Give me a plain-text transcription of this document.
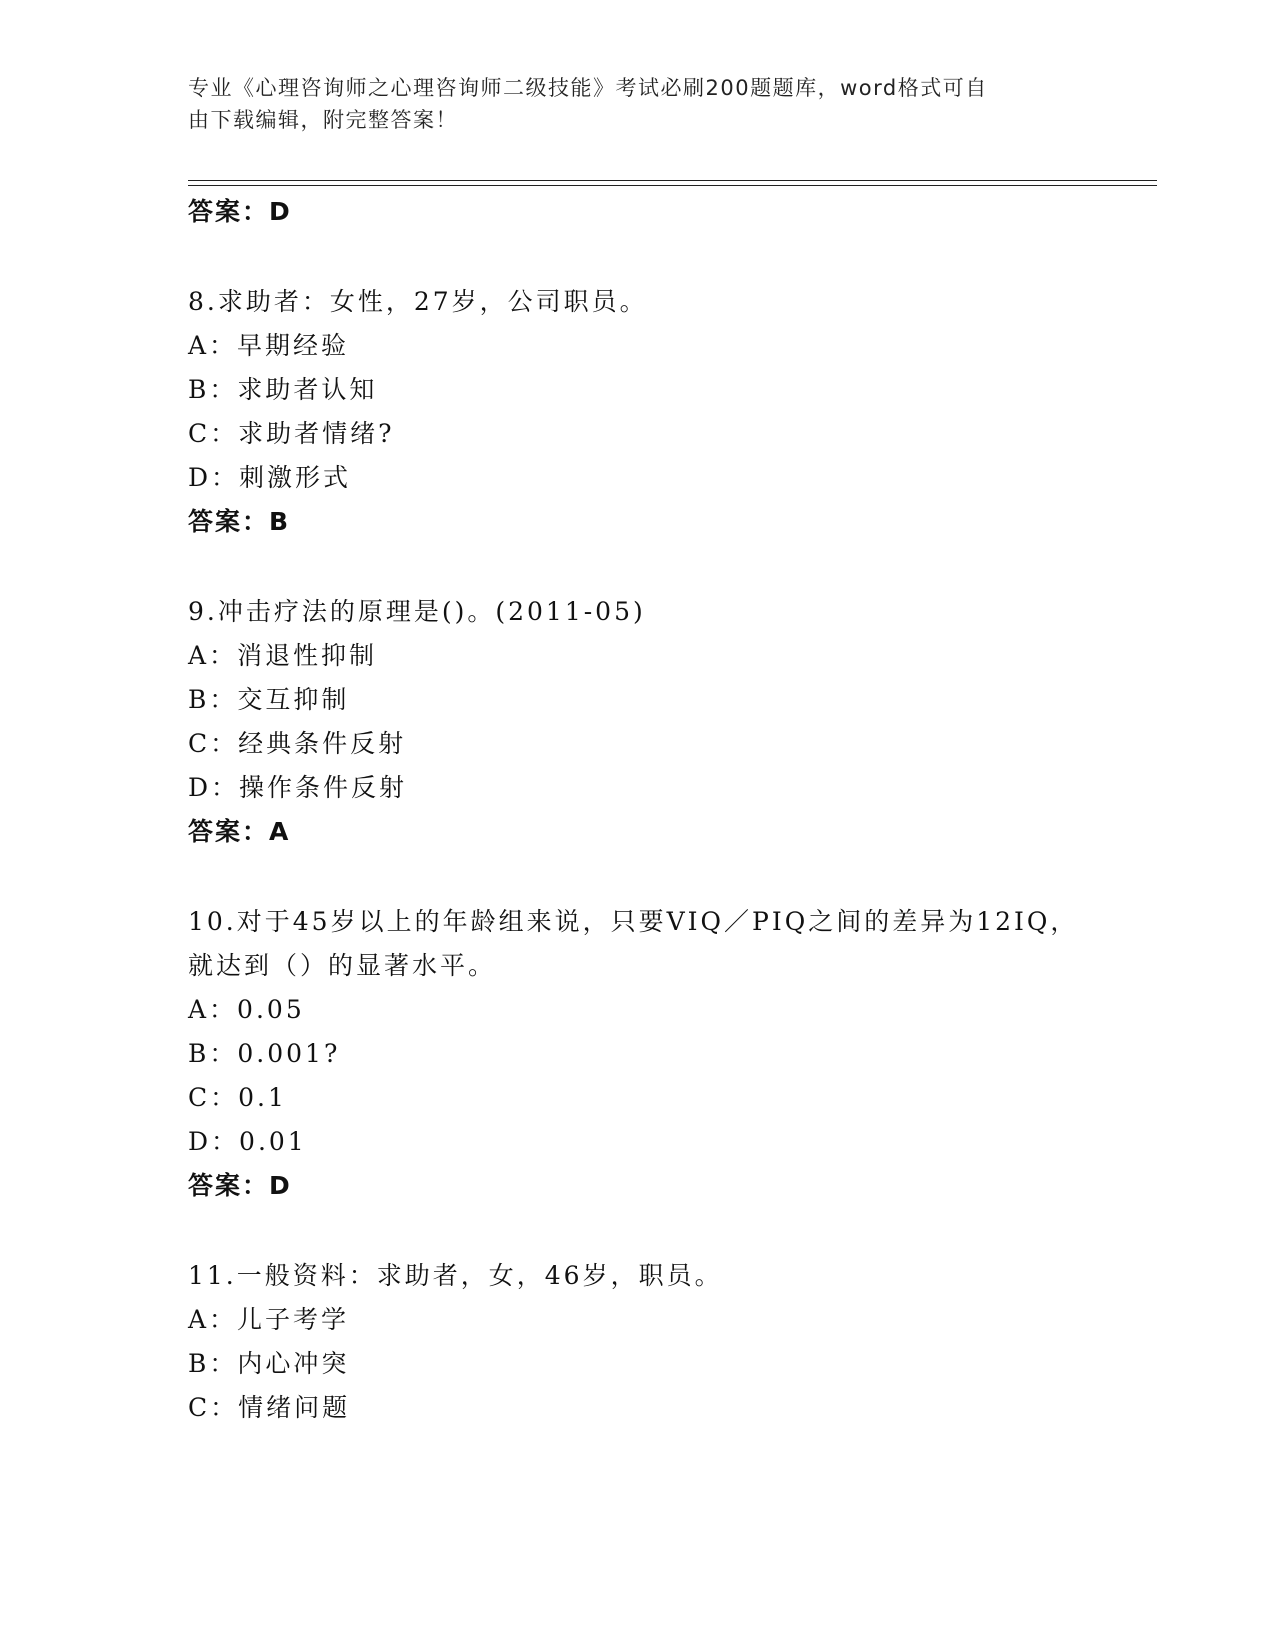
专业《心理咨询师之心理咨询师二级技能》考试必刷200题题库，word格式可自
由下载编辑，附完整答案！
答案：D
8.求助者：女性，27岁，公司职员。
A：早期经验
B：求助者认知
C：求助者情绪?
D：刺激形式
答案：B
9.冲击疗法的原理是()。(2011-05)
A：消退性抑制
B：交互抑制
C：经典条件反射
D：操作条件反射
答案：A
10.对于45岁以上的年龄组来说，只要VIQ／PIQ之间的差异为12IQ，
就达到（）的显著水平。
A：0.05
B：0.001?
C：0.1
D：0.01
答案：D
11.一般资料：求助者，女，46岁，职员。
A：儿子考学
B：内心冲突
C：情绪问题
